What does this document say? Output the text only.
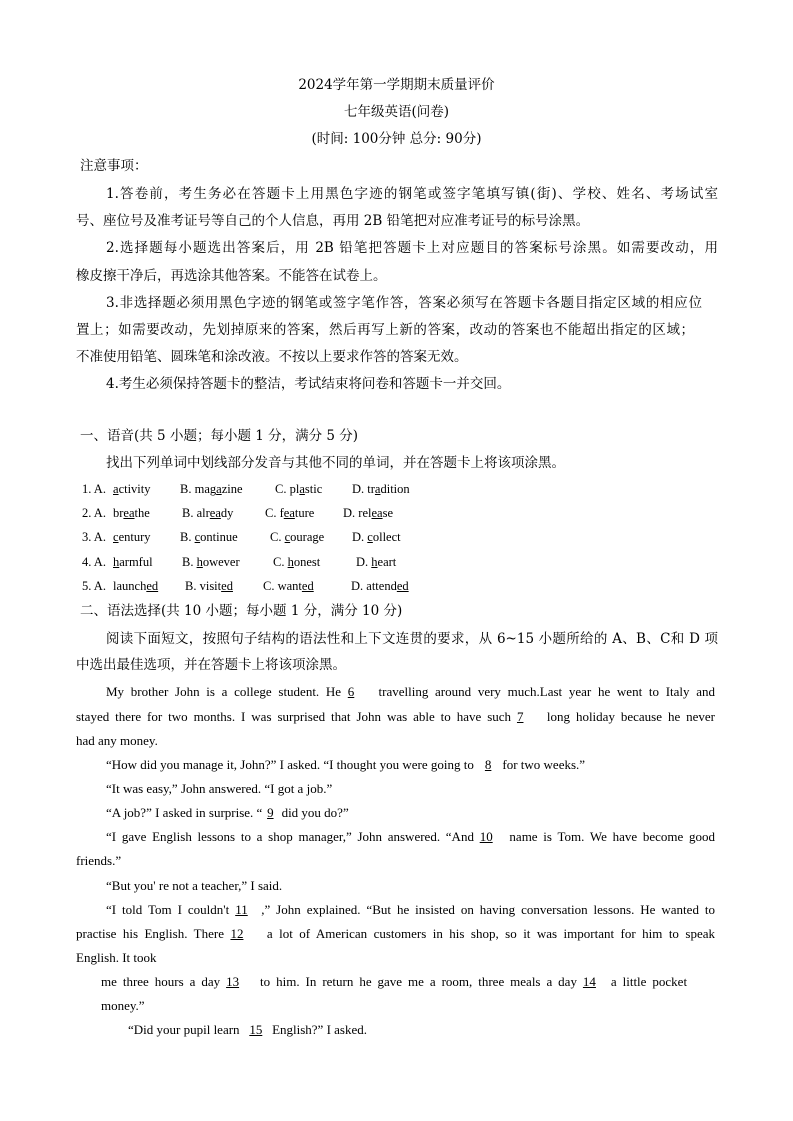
2024学年第一学期期末质量评价
七年级英语(问卷)
(时间: 100分钟 总分: 90分)
注意事项：
1.答卷前，考生务必在答题卡上用黑色字迹的钢笔或签字笔填写镇(街)、学校、姓名、考场试室
号、座位号及准考证号等自己的个人信息，再用 2B 铅笔把对应准考证号的标号涂黑。
2.选择题每小题选出答案后，用 2B 铅笔把答题卡上对应题目的答案标号涂黑。如需要改动，用
橡皮擦干净后，再选涂其他答案。不能答在试卷上。
3.非选择题必须用黑色字迹的钢笔或签字笔作答，答案必须写在答题卡各题目指定区域的相应位
置上；如需要改动，先划掉原来的答案，然后再写上新的答案，改动的答案也不能超出指定的区域；
不准使用铅笔、圆珠笔和涂改液。不按以上要求作答的答案无效。
4.考生必须保持答题卡的整洁，考试结束将问卷和答题卡一并交回。
一、语音(共 5 小题；每小题 1 分，满分 5 分)
找出下列单词中划线部分发音与其他不同的单词，并在答题卡上将该项涂黑。
1. A. activity B. magazine	C. plastic D. tradition
2. A. breathe	B. already	C. feature D. release
3. A. century B. continue	C. courage D. collect
4. A. harmful B. however	C. honest	D. heart
5. A. launched B. visited C. wanted	D. attended
二、语法选择(共 10 小题；每小题 1 分，满分 10 分)
阅读下面短文，按照句子结构的语法性和上下文连贯的要求，从 6~15 小题所给的 A、B、C和 D 项
中选出最佳选项，并在答题卡上将该项涂黑。
My brother John is a college student. He 6 travelling around very much.Last year he went to Italy and
stayed there for two months. I was surprised that John was able to have such 7 long holiday because he never
had any money.
“How did you manage it, John?” I asked. “I thought you were going to 8 for two weeks.”
“It was easy,” John answered. “I got a job.”
“A job?” I asked in surprise. “ 9 did you do?”
“I gave English lessons to a shop manager,” John answered. “And 10 name is Tom. We have become good
friends.”
“But you' re not a teacher,” I said.
“I told Tom I couldn't 11 ,” John explained. “But he insisted on having conversation lessons. He wanted to
practise his English. There 12 a lot of American customers in his shop, so it was important for him to speak
English. It took
me three hours a day 13 to him. In return he gave me a room, three meals a day 14 a little pocket
money.”
“Did your pupil learn 15 English?” I asked.
